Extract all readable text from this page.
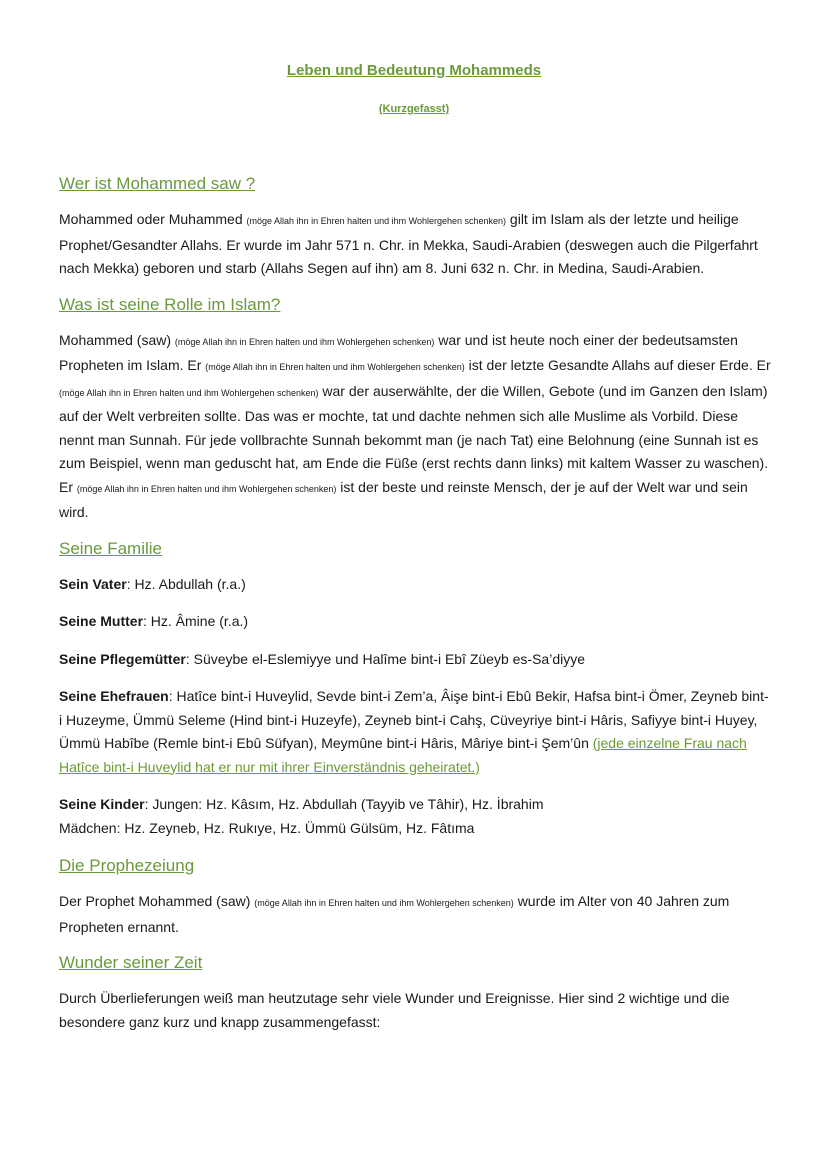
Leben und Bedeutung Mohammeds
(Kurzgefasst)
Wer ist Mohammed saw ?

Mohammed oder Muhammed (möge Allah ihn in Ehren halten und ihm Wohlergehen schenken) gilt im Islam als der letzte und heilige Prophet/Gesandter Allahs. Er wurde im Jahr 571 n. Chr. in Mekka, Saudi-Arabien (deswegen auch die Pilgerfahrt nach Mekka) geboren und starb (Allahs Segen auf ihn) am 8. Juni 632 n. Chr. in Medina, Saudi-Arabien.

Was ist seine Rolle im Islam?

Mohammed (saw) (möge Allah ihn in Ehren halten und ihm Wohlergehen schenken) war und ist heute noch einer der bedeutsamsten Propheten im Islam. Er (möge Allah ihn in Ehren halten und ihm Wohlergehen schenken) ist der letzte Gesandte Allahs auf dieser Erde. Er (möge Allah ihn in Ehren halten und ihm Wohlergehen schenken) war der auserwählte, der die Willen, Gebote (und im Ganzen den Islam) auf der Welt verbreiten sollte. Das was er mochte, tat und dachte nehmen sich alle Muslime als Vorbild. Diese nennt man Sunnah. Für jede vollbrachte Sunnah bekommt man (je nach Tat) eine Belohnung (eine Sunnah ist es zum Beispiel, wenn man geduscht hat, am Ende die Füße (erst rechts dann links) mit kaltem Wasser zu waschen). Er (möge Allah ihn in Ehren halten und ihm Wohlergehen schenken) ist der beste und reinste Mensch, der je auf der Welt war und sein wird.

Seine Familie

Sein Vater: Hz. Abdullah (r.a.)

Seine Mutter: Hz. Âmine (r.a.)

Seine Pflegemütter: Süveybe el-Eslemiyye und Halîme bint-i Ebî Züeyb es-Sa’diyye

Seine Ehefrauen: Hatîce bint-i Huveylid, Sevde bint-i Zem’a, Âişe bint-i Ebû Bekir, Hafsa bint-i Ömer, Zeyneb bint-i Huzeyme, Ümmü Seleme (Hind bint-i Huzeyfe), Zeyneb bint-i Cahş, Cüveyriye bint-i Hâris, Safiyye bint-i Huyey, Ümmü Habîbe (Remle bint-i Ebû Süfyan), Meymûne bint-i Hâris, Mâriye bint-i Şem’ûn (jede einzelne Frau nach Hatîce bint-i Huveylid hat er nur mit ihrer Einverständnis geheiratet.)

Seine Kinder: Jungen: Hz. Kâsım, Hz. Abdullah (Tayyib ve Tâhir), Hz. İbrahim
Mädchen: Hz. Zeyneb, Hz. Rukıye, Hz. Ümmü Gülsüm, Hz. Fâtıma

Die Prophezeiung

Der Prophet Mohammed (saw) (möge Allah ihn in Ehren halten und ihm Wohlergehen schenken) wurde im Alter von 40 Jahren zum Propheten ernannt.

Wunder seiner Zeit

Durch Überlieferungen weiß man heutzutage sehr viele Wunder und Ereignisse. Hier sind 2 wichtige und die besondere ganz kurz und knapp zusammengefasst:
